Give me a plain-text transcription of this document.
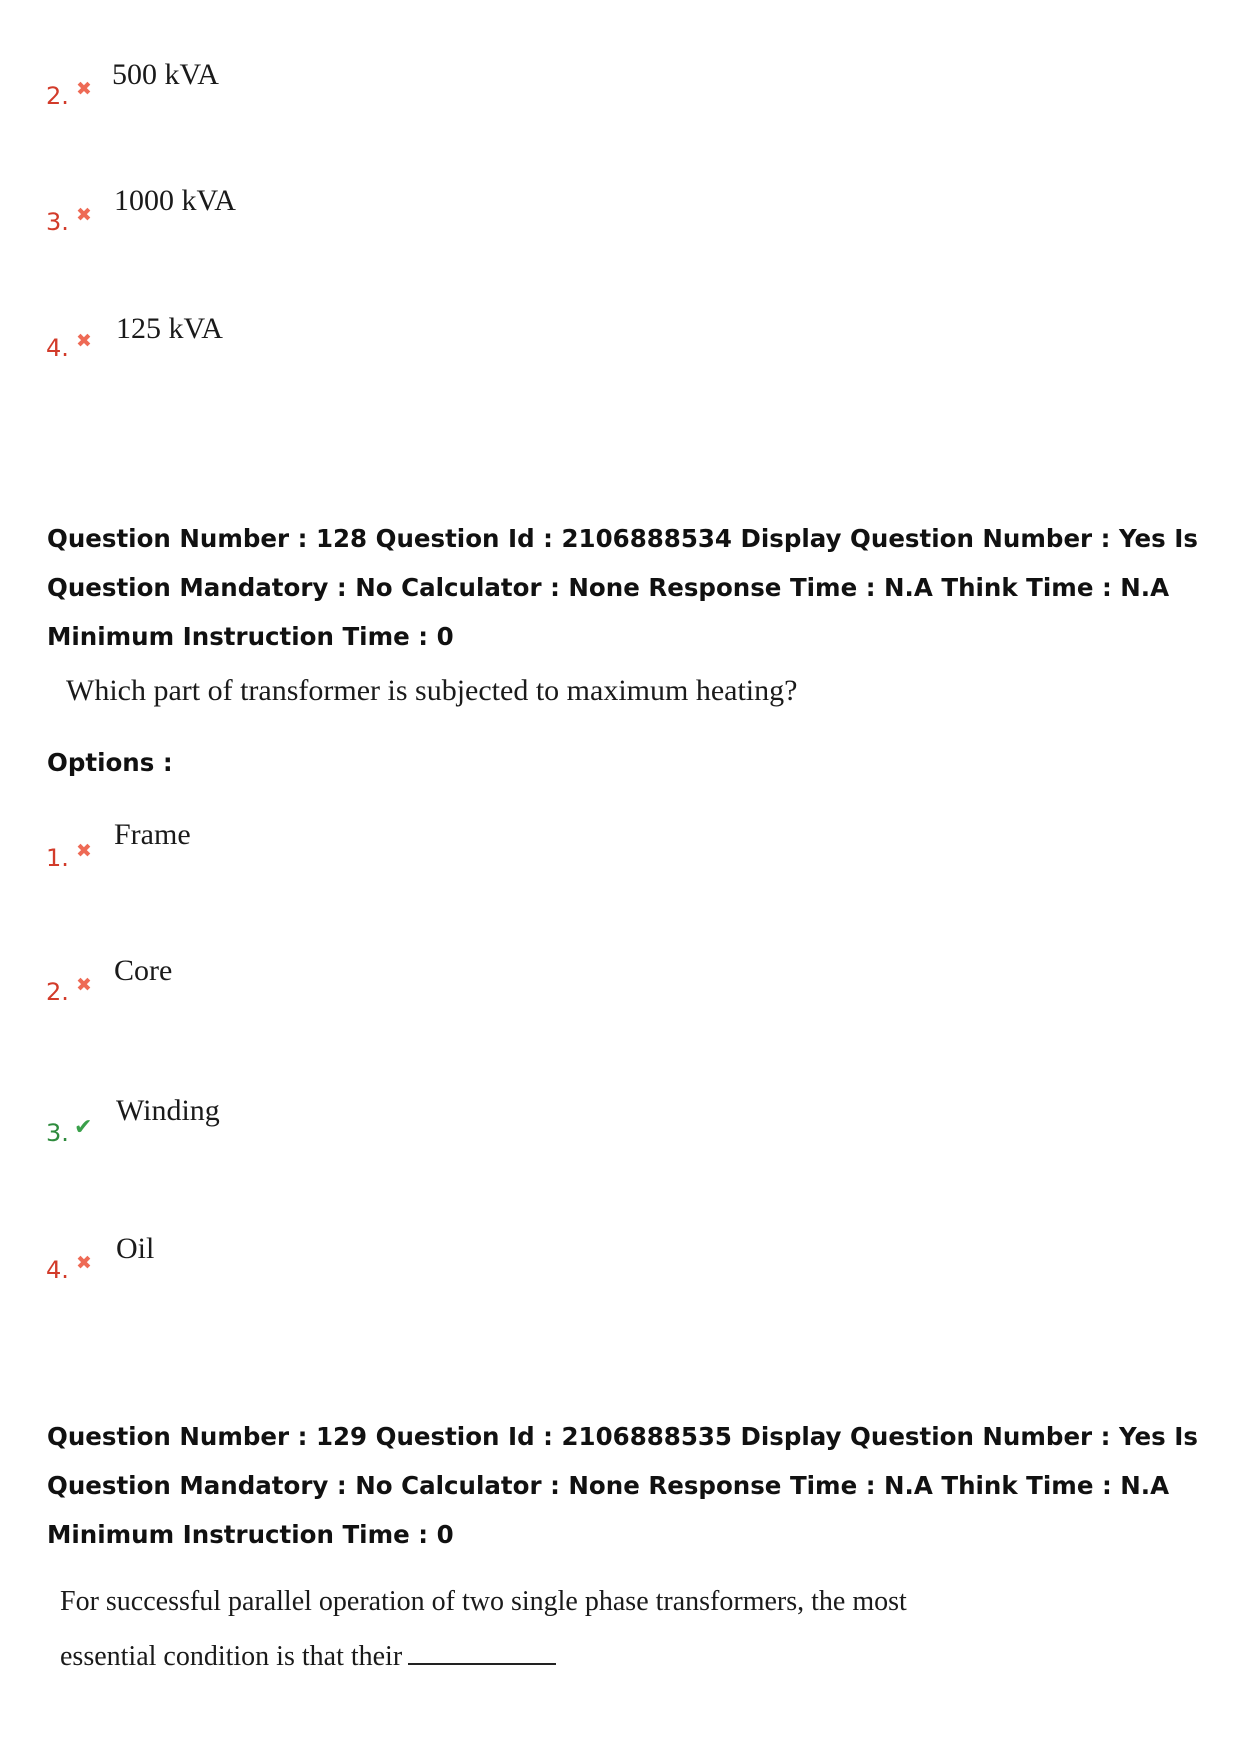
2. ✖ 500 kVA
3. ✖ 1000 kVA
4. ✖ 125 kVA
Question Number : 128 Question Id : 2106888534 Display Question Number : Yes Is Question Mandatory : No Calculator : None Response Time : N.A Think Time : N.A Minimum Instruction Time : 0
Which part of transformer is subjected to maximum heating?
Options :
1. ✖ Frame
2. ✖ Core
3. ✔
Winding
4. ✖ Oil
Question Number : 129 Question Id : 2106888535 Display Question Number : Yes Is Question Mandatory : No Calculator : None Response Time : N.A Think Time : N.A Minimum Instruction Time : 0
For successful parallel operation of two single phase transformers, the most
essential condition is that their
